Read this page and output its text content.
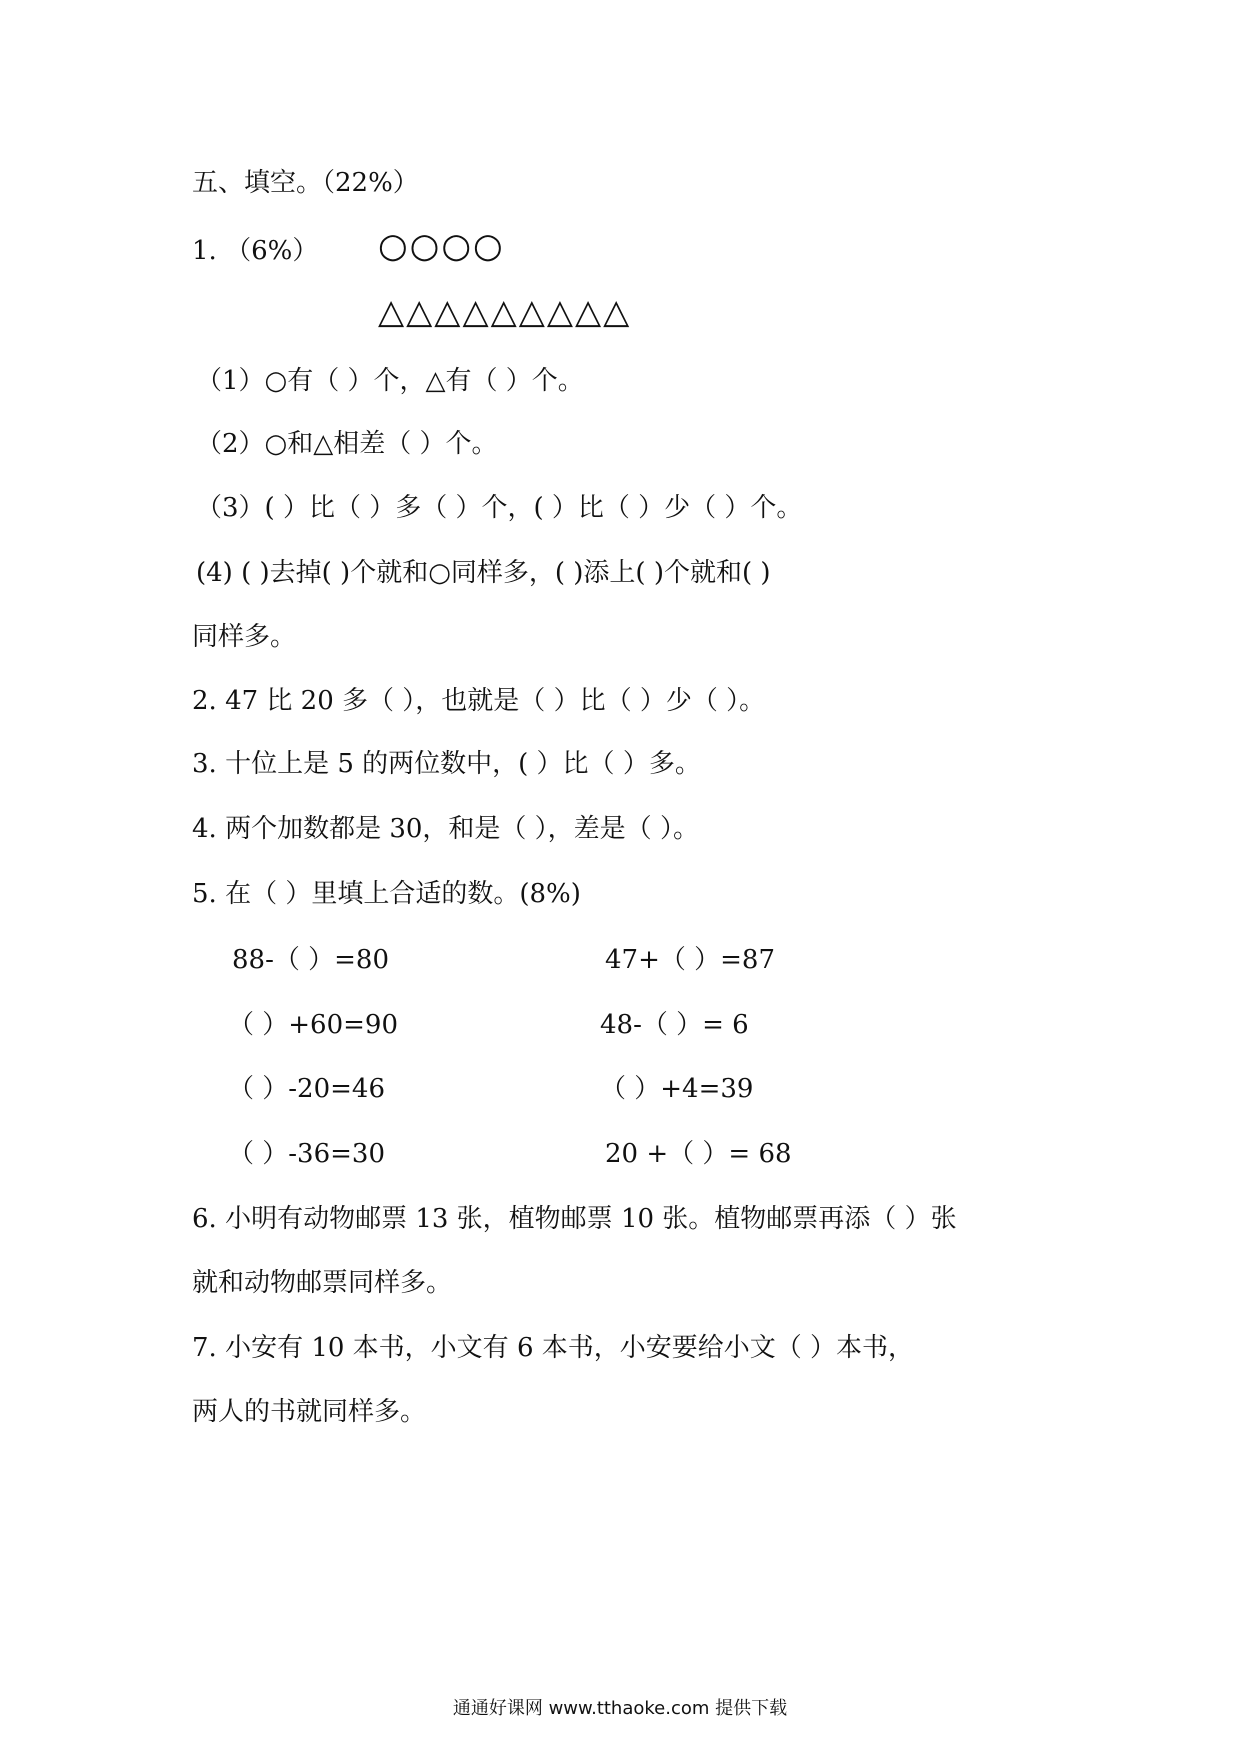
五、填空。（22%）
1. （6%） ○○○○
△△△△△△△△△
（1）○有（ ）个，△有（ ）个。
（2）○和△相差（ ）个。
（3）( ）比（ ）多（ ）个，( ）比（ ）少（ ）个。
(4) ( )去掉( )个就和○同样多，( )添上( )个就和( )
同样多。
2. 47 比 20 多（ ），也就是（ ）比（ ）少（ ）。
3. 十位上是 5 的两位数中，( ）比（ ）多。
4. 两个加数都是 30，和是（ ），差是（ ）。
5. 在（ ）里填上合适的数。(8%)
88-（ ）=80	47+（ ）=87
（ ）+60=90	48-（ ）= 6
（ ）-20=46	（ ）+4=39
（ ）-36=30	20 +（ ）= 68
6. 小明有动物邮票 13 张，植物邮票 10 张。植物邮票再添（ ）张
就和动物邮票同样多。
7. 小安有 10 本书，小文有 6 本书，小安要给小文（ ）本书，
两人的书就同样多。
通通好课网 www.tthaoke.com 提供下载
